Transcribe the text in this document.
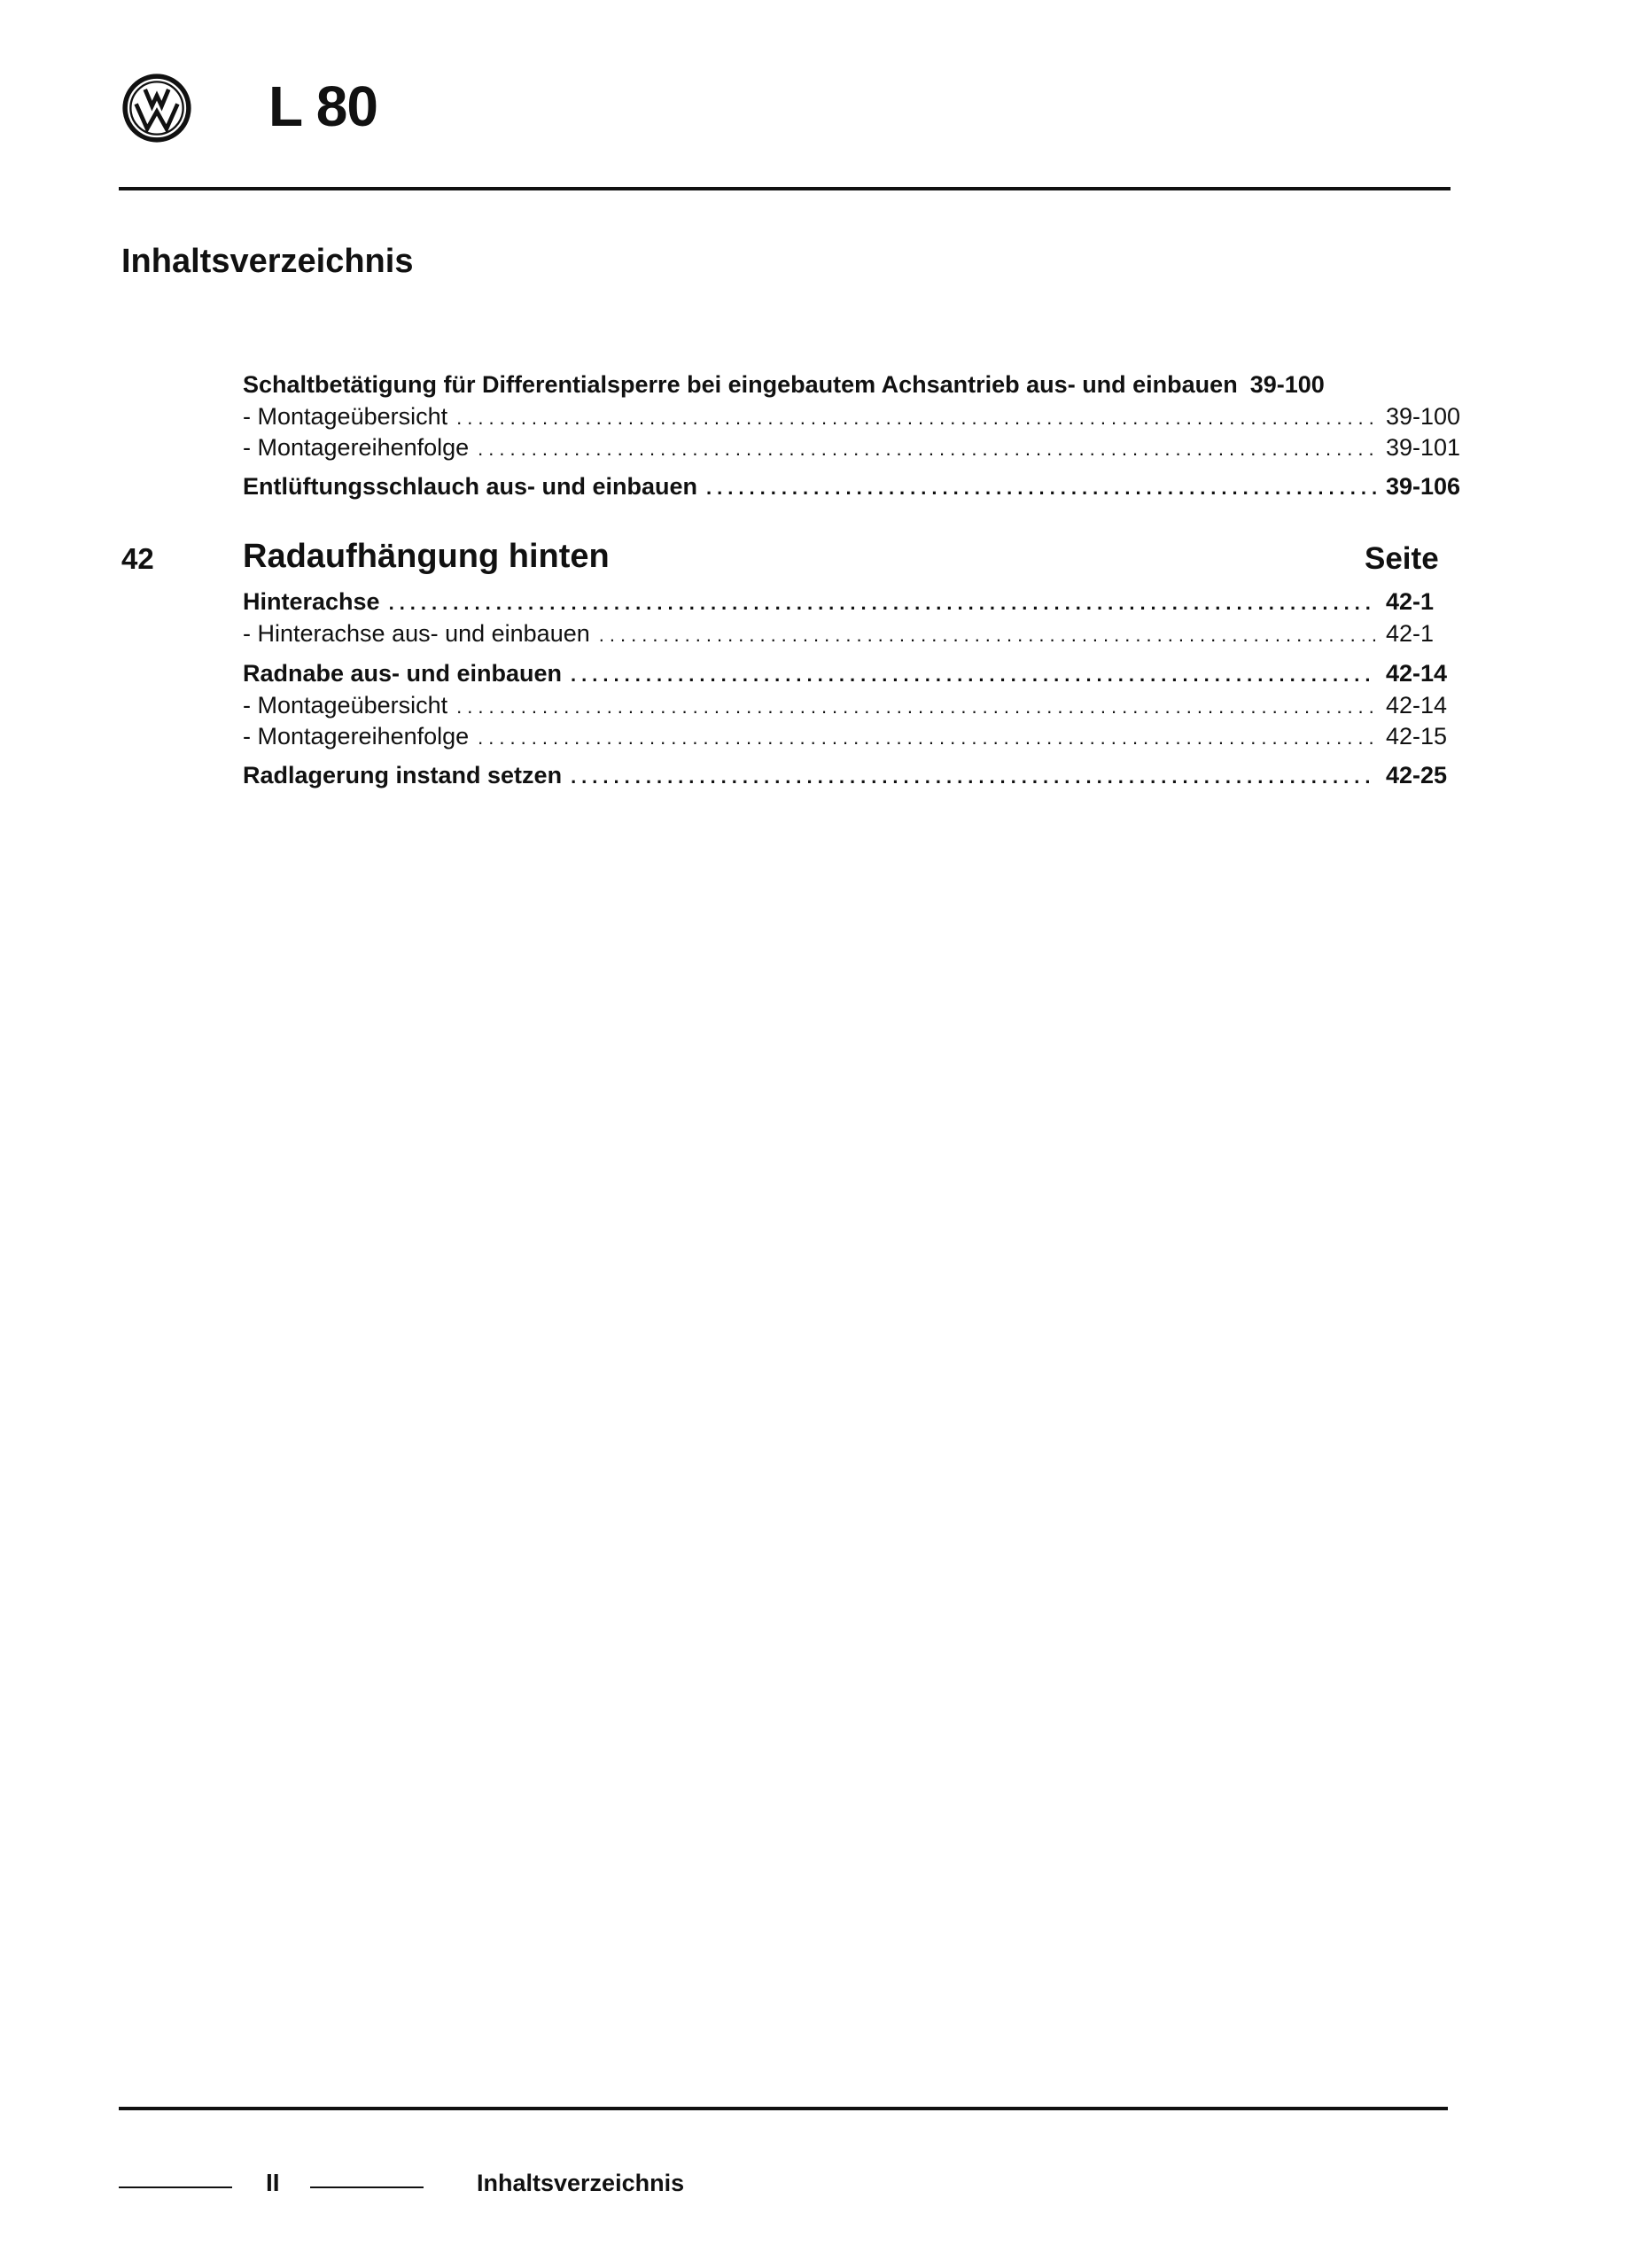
L 80
Inhaltsverzeichnis
Schaltbetätigung für Differentialsperre bei eingebautem Achsantrieb aus- und einbauen 39-100
- Montageübersicht .....	39-100
- Montagereihenfolge .....	39-101
Entlüftungsschlauch aus- und einbauen .....	39-106
42	Radaufhängung hinten	Seite
Hinterachse .....	42-1
- Hinterachse aus- und einbauen .....	42-1
Radnabe aus- und einbauen .....	42-14
- Montageübersicht .....	42-14
- Montagereihenfolge .....	42-15
Radlagerung instand setzen .....	42-25
II	Inhaltsverzeichnis
